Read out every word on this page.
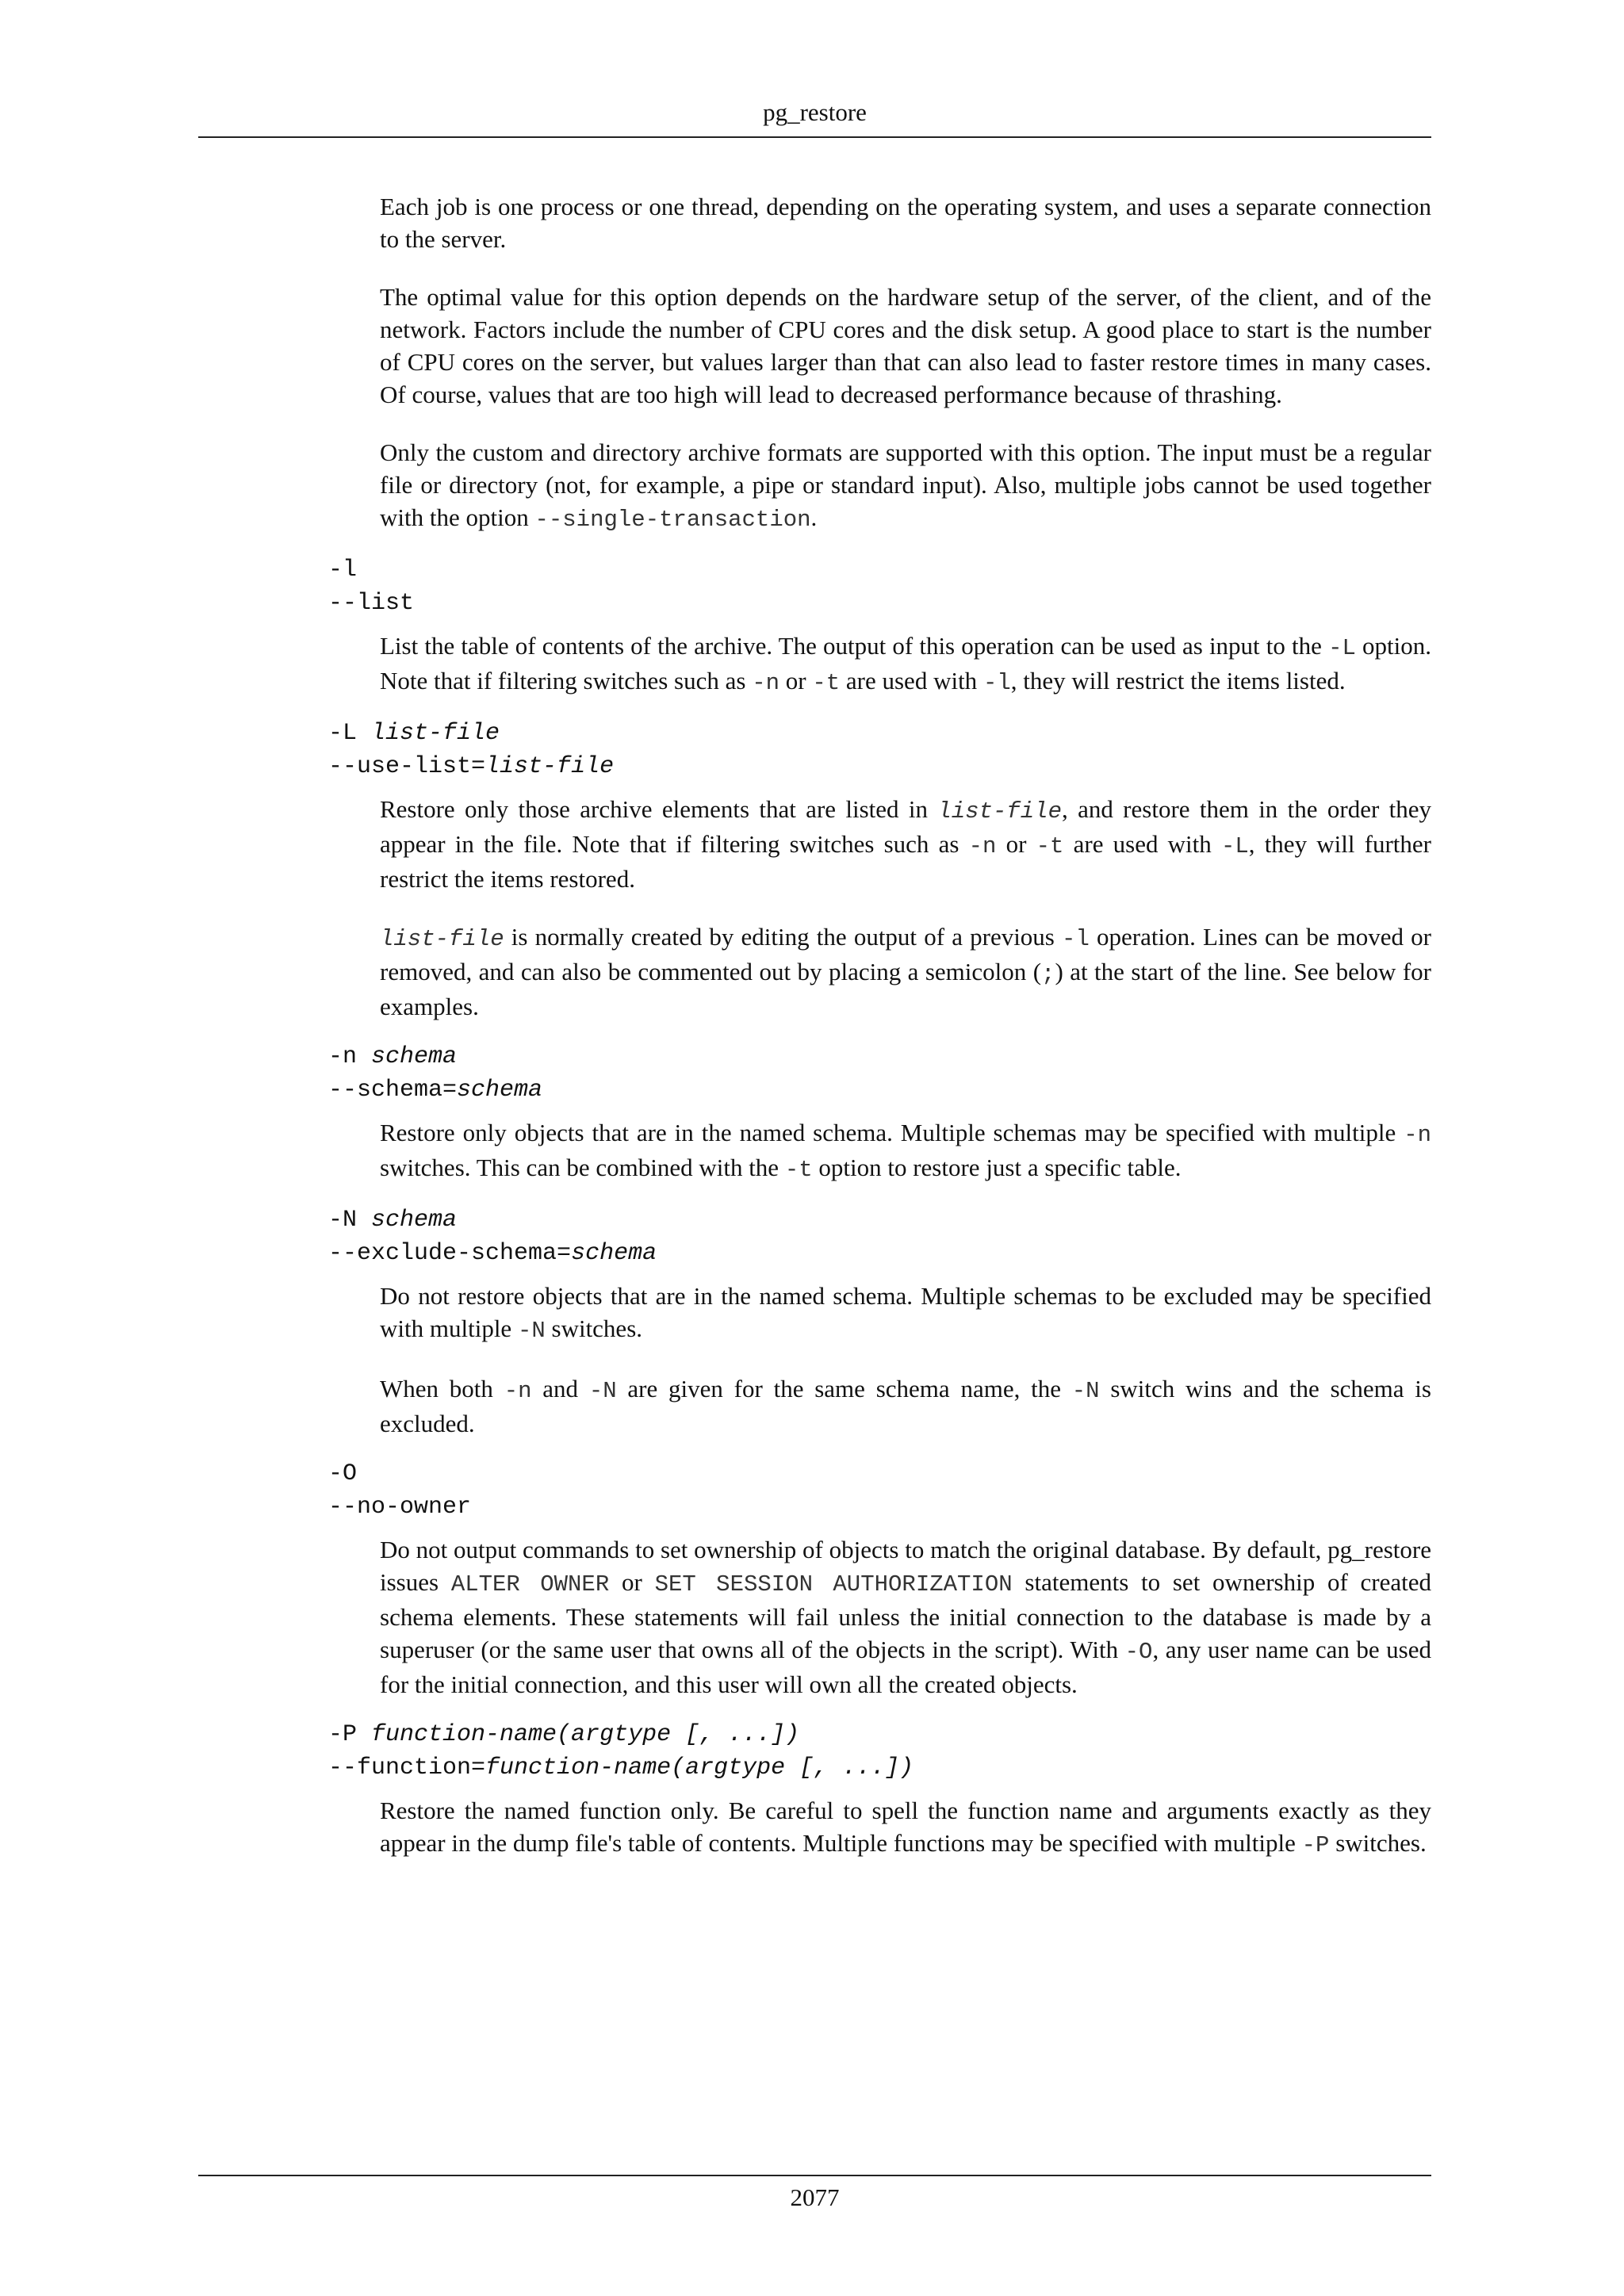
pg_restore

Each job is one process or one thread, depending on the operating system, and uses a separate connection to the server.

The optimal value for this option depends on the hardware setup of the server, of the client, and of the network. Factors include the number of CPU cores and the disk setup. A good place to start is the number of CPU cores on the server, but values larger than that can also lead to faster restore times in many cases. Of course, values that are too high will lead to decreased performance because of thrashing.

Only the custom and directory archive formats are supported with this option. The input must be a regular file or directory (not, for example, a pipe or standard input). Also, multiple jobs cannot be used together with the option --single-transaction.

-l

--list

List the table of contents of the archive. The output of this operation can be used as input to the -L option. Note that if filtering switches such as -n or -t are used with -l, they will restrict the items listed.

-L list-file

--use-list=list-file

Restore only those archive elements that are listed in list-file, and restore them in the order they appear in the file. Note that if filtering switches such as -n or -t are used with -L, they will further restrict the items restored.

list-file is normally created by editing the output of a previous -l operation. Lines can be moved or removed, and can also be commented out by placing a semicolon (;) at the start of the line. See below for examples.

-n schema

--schema=schema

Restore only objects that are in the named schema. Multiple schemas may be specified with multiple -n switches. This can be combined with the -t option to restore just a specific table.

-N schema

--exclude-schema=schema

Do not restore objects that are in the named schema. Multiple schemas to be excluded may be specified with multiple -N switches.

When both -n and -N are given for the same schema name, the -N switch wins and the schema is excluded.

-O

--no-owner

Do not output commands to set ownership of objects to match the original database. By default, pg_restore issues ALTER OWNER or SET SESSION AUTHORIZATION statements to set ownership of created schema elements. These statements will fail unless the initial connection to the database is made by a superuser (or the same user that owns all of the objects in the script). With -O, any user name can be used for the initial connection, and this user will own all the created objects.

-P function-name(argtype [, ...])

--function=function-name(argtype [, ...])

Restore the named function only. Be careful to spell the function name and arguments exactly as they appear in the dump file's table of contents. Multiple functions may be specified with multiple -P switches.

2077
